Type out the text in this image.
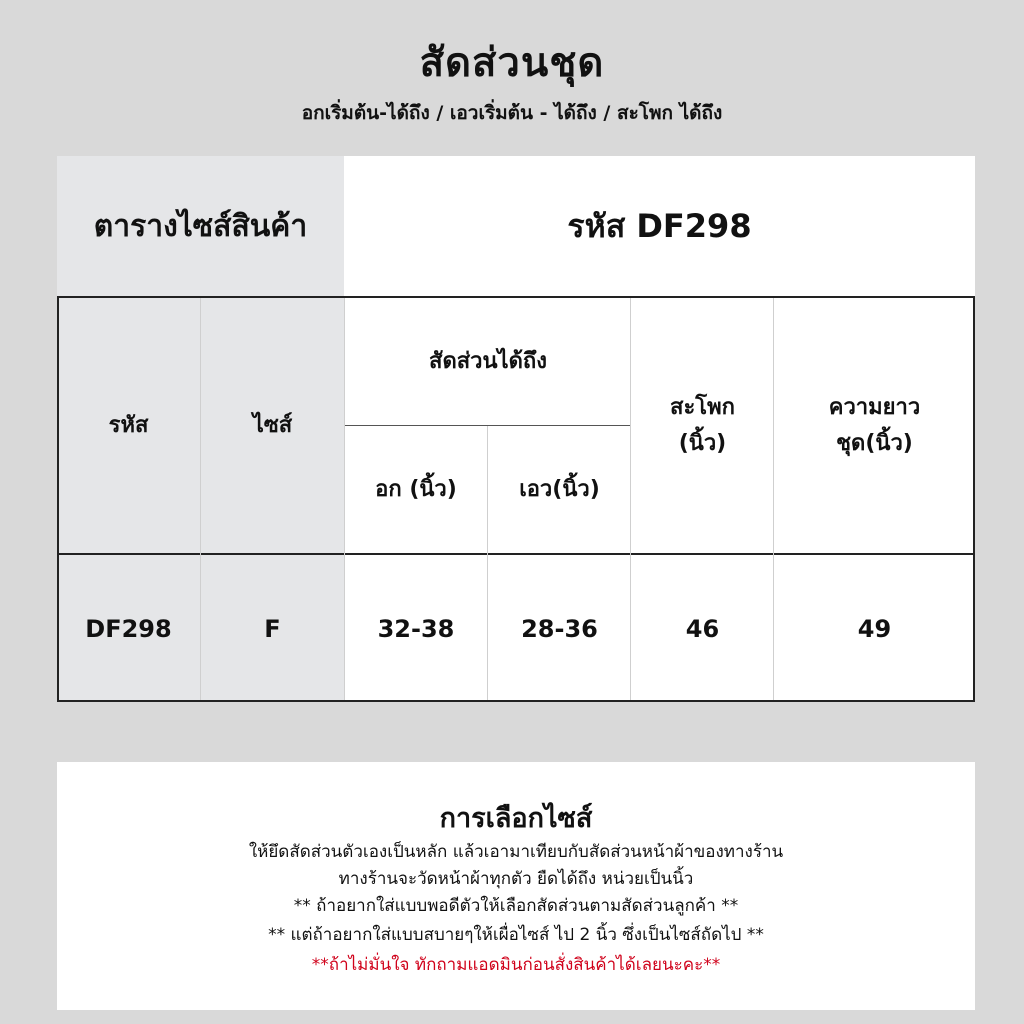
สัดส่วนชุด
อกเริ่มต้น-ได้ถึง / เอวเริ่มต้น - ได้ถึง / สะโพก ได้ถึง
ตารางไซส์สินค้า	รหัส DF298
รหัส	ไซส์
สัดส่วนได้ถึง
อก (นิ้ว)	เอว(นิ้ว)
สะโพก
(นิ้ว)
ความยาว
ชุด(นิ้ว)
DF298	F	32-38	28-36	46	49
การเลือกไซส์
ให้ยึดสัดส่วนตัวเองเป็นหลัก แล้วเอามาเทียบกับสัดส่วนหน้าผ้าของทางร้าน
ทางร้านจะวัดหน้าผ้าทุกตัว ยืดได้ถึง หน่วยเป็นนิ้ว
** ถ้าอยากใส่แบบพอดีตัวให้เลือกสัดส่วนตามสัดส่วนลูกค้า **
** แต่ถ้าอยากใส่แบบสบายๆให้เผื่อไซส์ ไป 2 นิ้ว ซึ่งเป็นไซส์ถัดไป **
**ถ้าไม่มั่นใจ ทักถามแอดมินก่อนสั่งสินค้าได้เลยนะคะ**
